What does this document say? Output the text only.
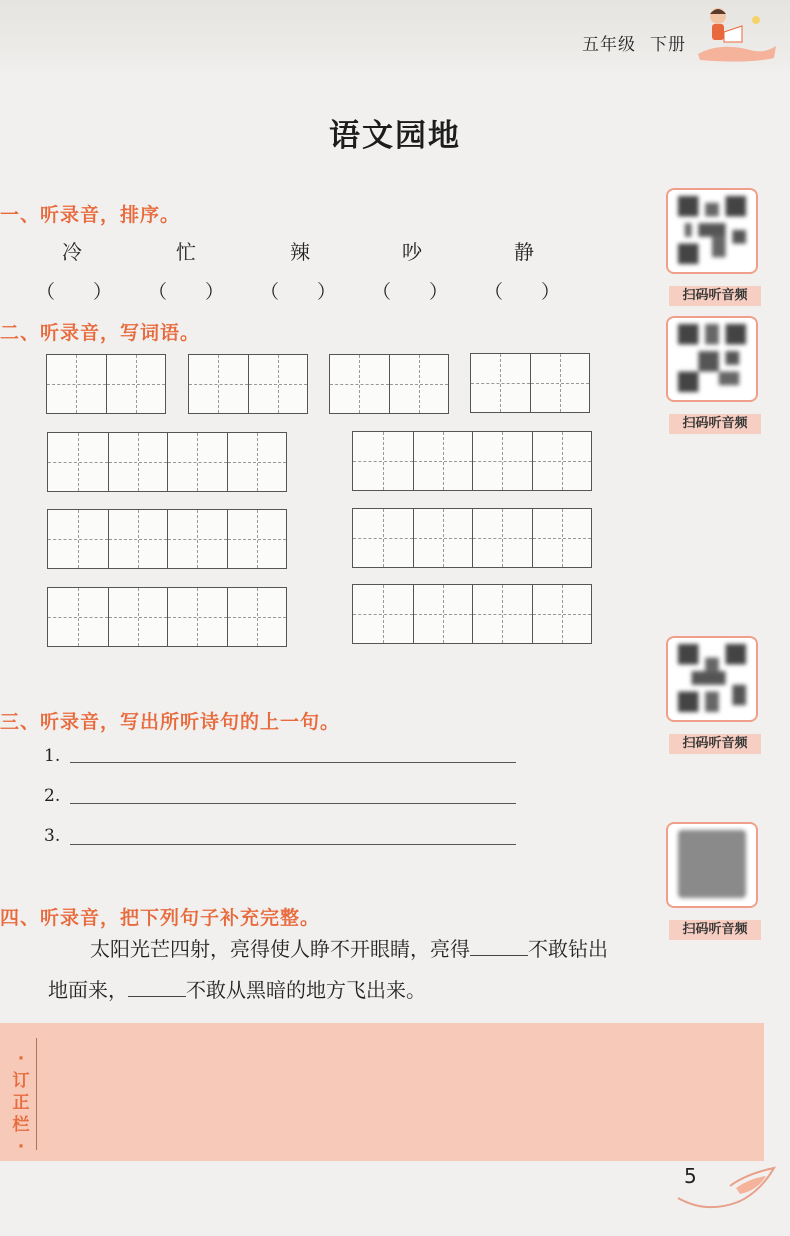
五年级 下册
语文园地
一、听录音，排序。
冷	忙	辣	吵	静
（　　） （　　） （　　） （　　） （　　）
二、听录音，写词语。
三、听录音，写出所听诗句的上一句。
1.
2.
3.
四、听录音，把下列句子补充完整。
太阳光芒四射，亮得使人睁不开眼睛，亮得	不敢钻出
地面来，	不敢从黑暗的地方飞出来。
扫码听音频
扫码听音频
扫码听音频
扫码听音频
·订正栏·
5
